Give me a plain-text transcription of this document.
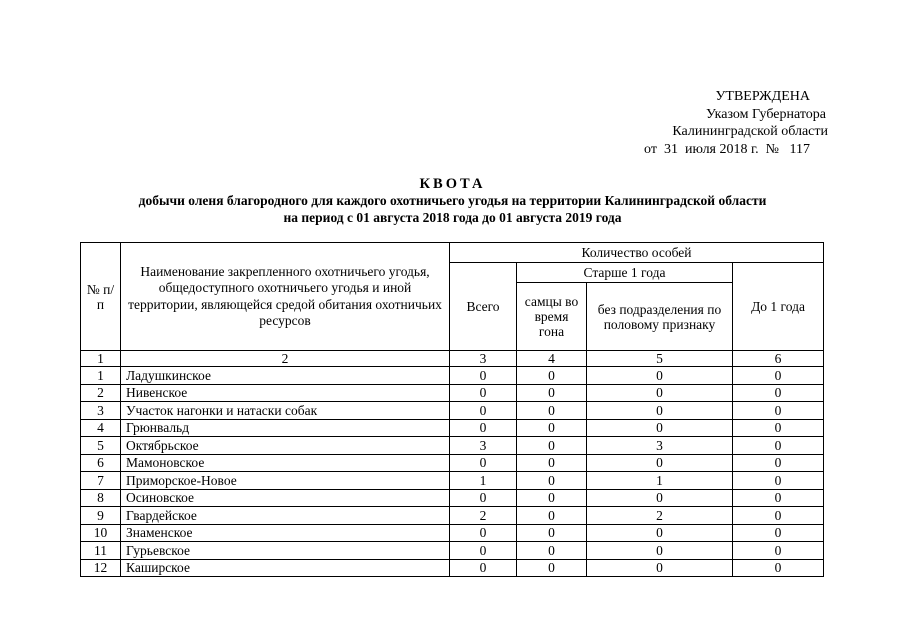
УТВЕРЖДЕНА
Указом Губернатора
Калининградской области
от  31  июля 2018 г.  №   117
КВОТА
добычи оленя благородного для каждого охотничьего угодья на территории Калининградской области
на период с 01 августа 2018 года до 01 августа 2019 года
№ п/п	Наименование закрепленного охотничьего угодья, общедоступного охотничьего угодья и иной территории, являющейся средой обитания охотничьих ресурсов	Количество особей			
		Всего	Старше 1 года		До 1 года
			самцы во время гона	без подразделения по половому признаку	
1	2	3	4	5	6
1	Ладушкинское	0	0	0	0
2	Нивенское	0	0	0	0
3	Участок нагонки и натаски собак	0	0	0	0
4	Грюнвальд	0	0	0	0
5	Октябрьское	3	0	3	0
6	Мамоновское	0	0	0	0
7	Приморское-Новое	1	0	1	0
8	Осиновское	0	0	0	0
9	Гвардейское	2	0	2	0
10	Знаменское	0	0	0	0
11	Гурьевское	0	0	0	0
12	Каширское	0	0	0	0
